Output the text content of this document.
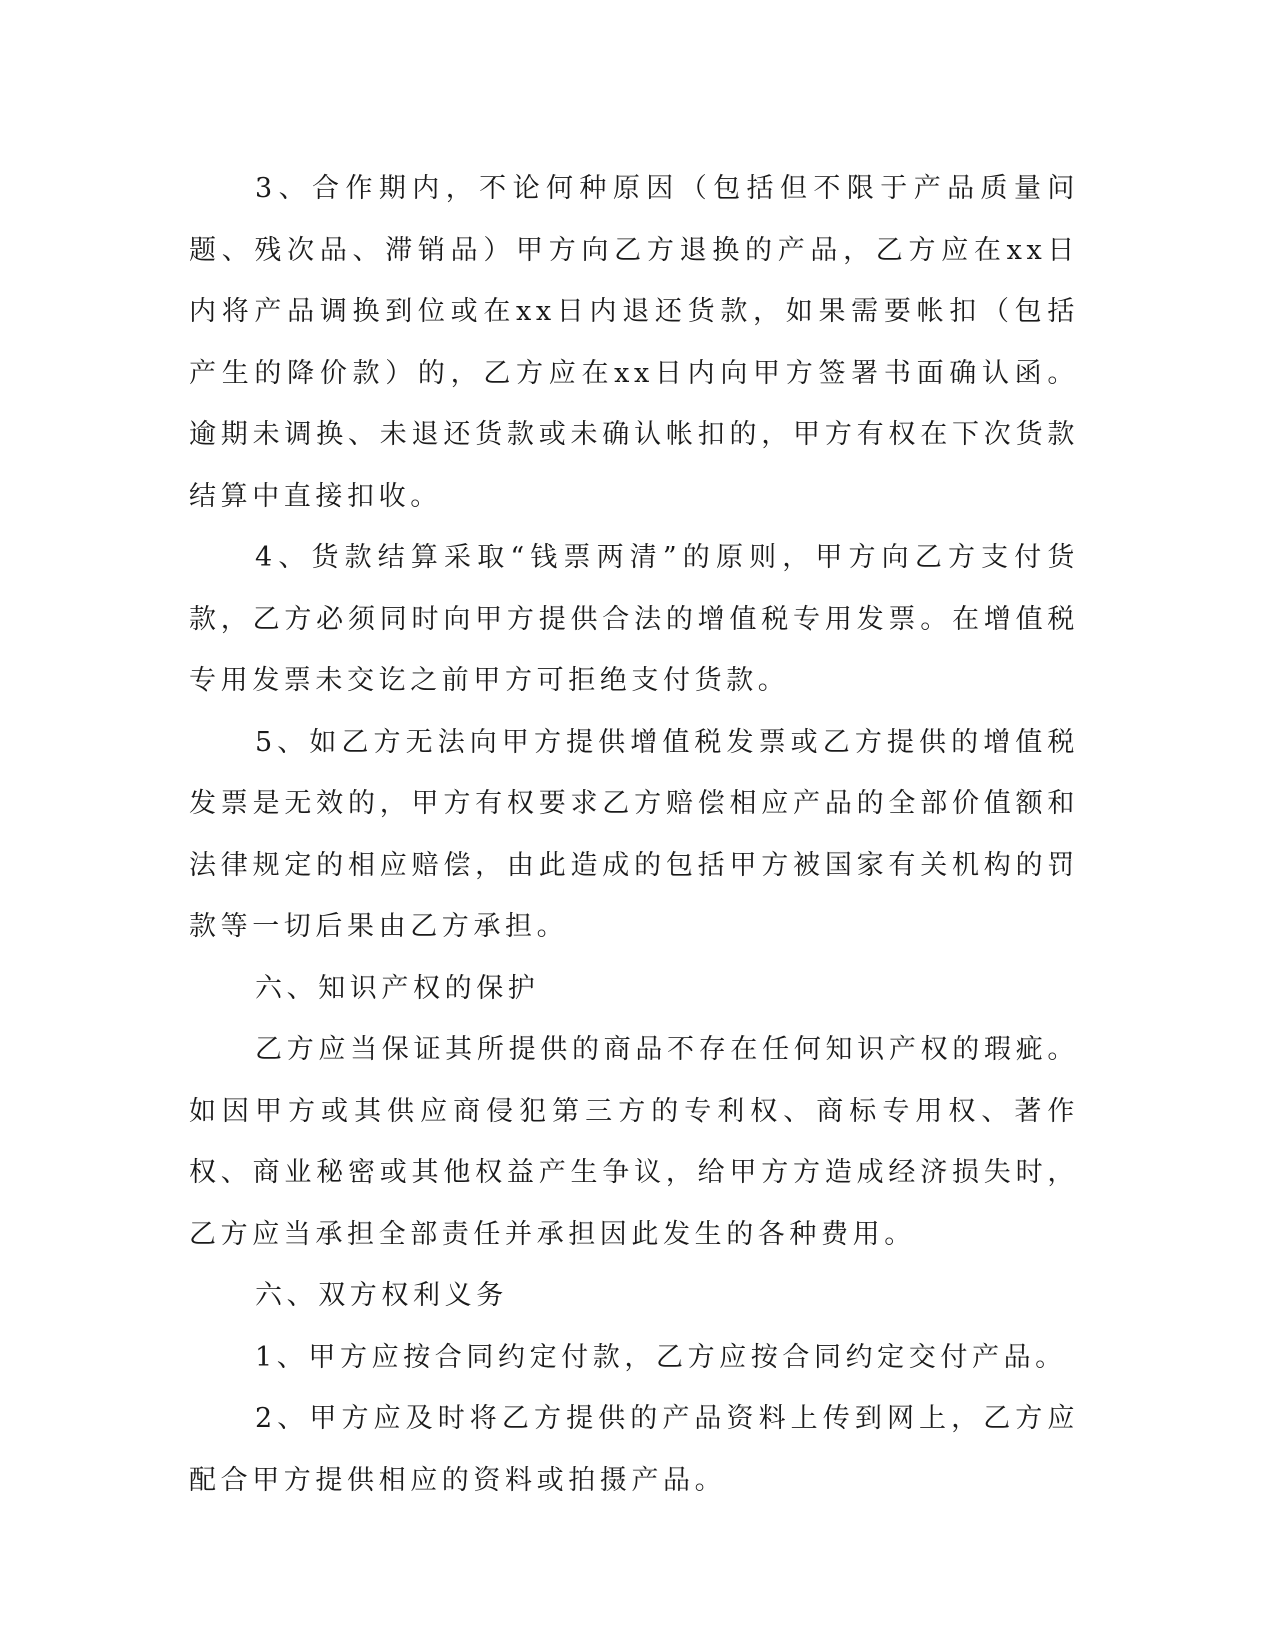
3、合作期内，不论何种原因（包括但不限于产品质量问题、残次品、滞销品）甲方向乙方退换的产品，乙方应在xx日内将产品调换到位或在xx日内退还货款，如果需要帐扣（包括产生的降价款）的，乙方应在xx日内向甲方签署书面确认函。逾期未调换、未退还货款或未确认帐扣的，甲方有权在下次货款结算中直接扣收。

4、货款结算采取“钱票两清”的原则，甲方向乙方支付货款，乙方必须同时向甲方提供合法的增值税专用发票。在增值税专用发票未交讫之前甲方可拒绝支付货款。

5、如乙方无法向甲方提供增值税发票或乙方提供的增值税发票是无效的，甲方有权要求乙方赔偿相应产品的全部价值额和法律规定的相应赔偿，由此造成的包括甲方被国家有关机构的罚款等一切后果由乙方承担。

六、知识产权的保护

乙方应当保证其所提供的商品不存在任何知识产权的瑕疵。如因甲方或其供应商侵犯第三方的专利权、商标专用权、著作权、商业秘密或其他权益产生争议，给甲方方造成经济损失时，乙方应当承担全部责任并承担因此发生的各种费用。

六、双方权利义务

1、甲方应按合同约定付款，乙方应按合同约定交付产品。

2、甲方应及时将乙方提供的产品资料上传到网上，乙方应配合甲方提供相应的资料或拍摄产品。
